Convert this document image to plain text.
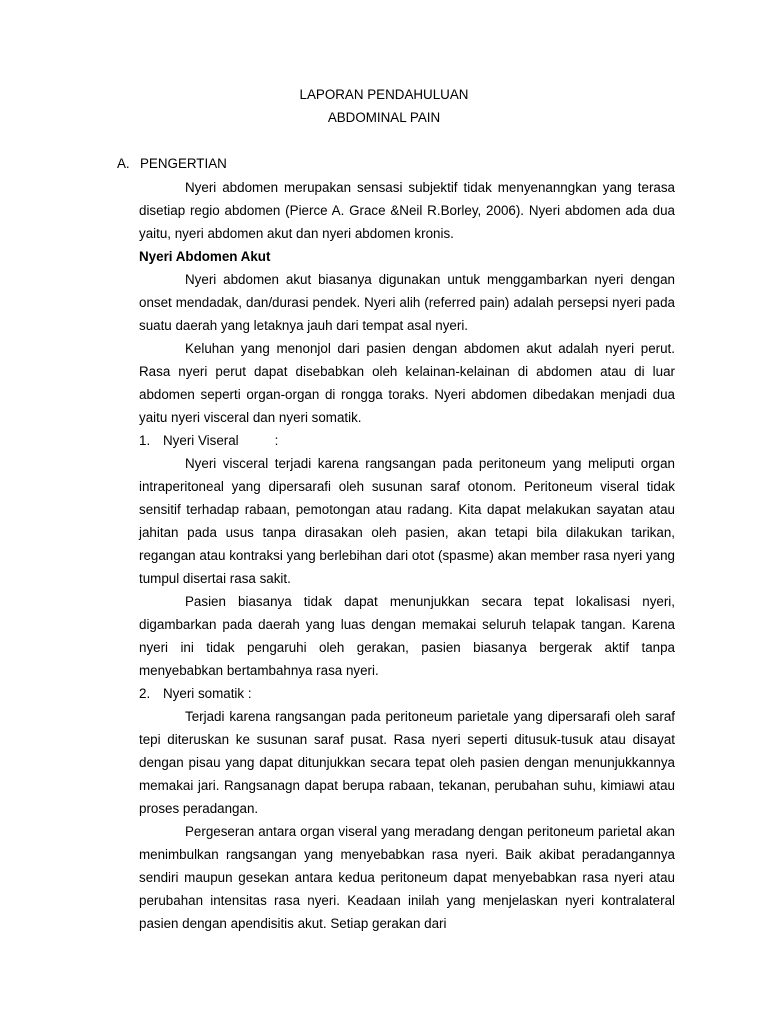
LAPORAN PENDAHULUAN
ABDOMINAL PAIN
A. PENGERTIAN

Nyeri abdomen merupakan sensasi subjektif tidak menyenanngkan yang terasa disetiap regio abdomen (Pierce A. Grace &Neil R.Borley, 2006). Nyeri abdomen ada dua yaitu, nyeri abdomen akut dan nyeri abdomen kronis.

Nyeri Abdomen Akut

Nyeri abdomen akut biasanya digunakan untuk menggambarkan nyeri dengan onset mendadak, dan/durasi pendek. Nyeri alih (referred pain) adalah persepsi nyeri pada suatu daerah yang letaknya jauh dari tempat asal nyeri.

Keluhan yang menonjol dari pasien dengan abdomen akut adalah nyeri perut. Rasa nyeri perut dapat disebabkan oleh kelainan-kelainan di abdomen atau di luar abdomen seperti organ-organ di rongga toraks. Nyeri abdomen dibedakan menjadi dua yaitu nyeri visceral dan nyeri somatik.

1. Nyeri Viseral	:

Nyeri visceral terjadi karena rangsangan pada peritoneum yang meliputi organ intraperitoneal yang dipersarafi oleh susunan saraf otonom. Peritoneum viseral tidak sensitif terhadap rabaan, pemotongan atau radang. Kita dapat melakukan sayatan atau jahitan pada usus tanpa dirasakan oleh pasien, akan tetapi bila dilakukan tarikan, regangan atau kontraksi yang berlebihan dari otot (spasme) akan member rasa nyeri yang tumpul disertai rasa sakit.

Pasien biasanya tidak dapat menunjukkan secara tepat lokalisasi nyeri, digambarkan pada daerah yang luas dengan memakai seluruh telapak tangan. Karena nyeri ini tidak pengaruhi oleh gerakan, pasien biasanya bergerak aktif tanpa menyebabkan bertambahnya rasa nyeri.

2. Nyeri somatik :

Terjadi karena rangsangan pada peritoneum parietale yang dipersarafi oleh saraf tepi diteruskan ke susunan saraf pusat. Rasa nyeri seperti ditusuk-tusuk atau disayat dengan pisau yang dapat ditunjukkan secara tepat oleh pasien dengan menunjukkannya memakai jari. Rangsanagn dapat berupa rabaan, tekanan, perubahan suhu, kimiawi atau proses peradangan.

Pergeseran antara organ viseral yang meradang dengan peritoneum parietal akan menimbulkan rangsangan yang menyebabkan rasa nyeri. Baik akibat peradangannya sendiri maupun gesekan antara kedua peritoneum dapat menyebabkan rasa nyeri atau perubahan intensitas rasa nyeri. Keadaan inilah yang menjelaskan nyeri kontralateral pasien dengan apendisitis akut. Setiap gerakan dari
